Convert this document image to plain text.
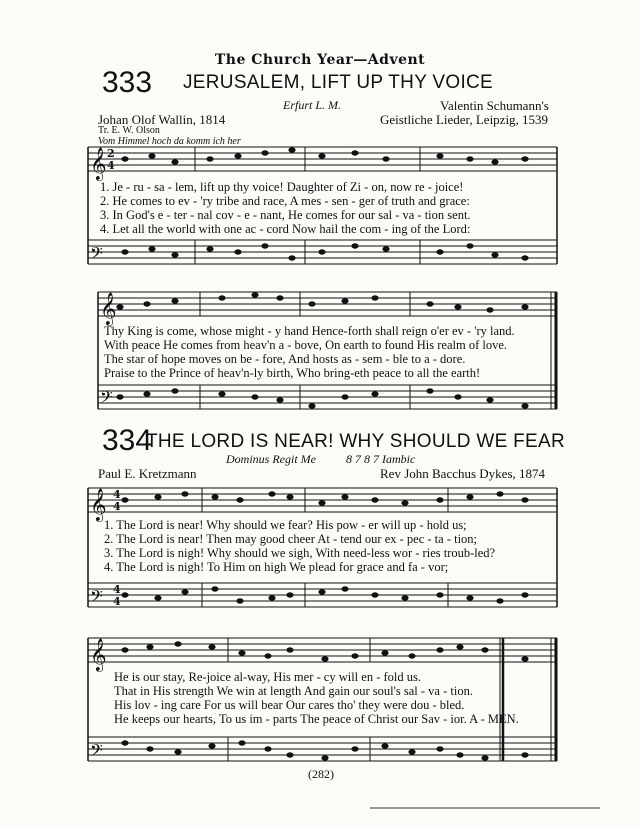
The Church Year—Advent
333 JERUSALEM, LIFT UP THY VOICE
Erfurt L. M.
Johan Olof Wallin, 1814
Tr. E. W. Olson
Vom Himmel hoch da komm ich her
Valentin Schumann's
Geistliche Lieder, Leipzig, 1539
𝄞
𝄢
𝄞
𝄢
𝄞
𝄢
𝄞
𝄢
2
4
4
4
4
4
1. Je - ru - sa - lem, lift up thy voice! Daughter of Zi - on, now re - joice!
2. He comes to ev - 'ry tribe and race, A mes - sen - ger of truth and grace:
3. In God's e - ter - nal cov - e - nant, He comes for our sal - va - tion sent.
4. Let all the world with one ac - cord Now hail the com - ing of the Lord:
Thy King is come, whose might - y hand Hence-forth shall reign o'er ev - 'ry land.
With peace He comes from heav'n a - bove, On earth to found His realm of love.
The star of hope moves on be - fore, And hosts as - sem - ble to a - dore.
Praise to the Prince of heav'n-ly birth, Who bring-eth peace to all the earth!
334
THE LORD IS NEAR! WHY SHOULD WE FEAR
Dominus Regit Me	8 7 8 7 Iambic
Paul E. Kretzmann	Rev John Bacchus Dykes, 1874
1. The Lord is near! Why should we fear? His pow - er will up - hold us;
2. The Lord is near! Then may good cheer At - tend our ex - pec - ta - tion;
3. The Lord is nigh! Why should we sigh, With need-less wor - ries troub-led?
4. The Lord is nigh! To Him on high We plead for grace and fa - vor;
He is our stay, Re-joice al-way, His mer - cy will en - fold us.
That in His strength We win at length And gain our soul's sal - va - tion.
His lov - ing care For us will bear Our cares tho' they were dou - bled.
He keeps our hearts, To us im - parts The peace of Christ our Sav - ior. A - MEN.
(282)
